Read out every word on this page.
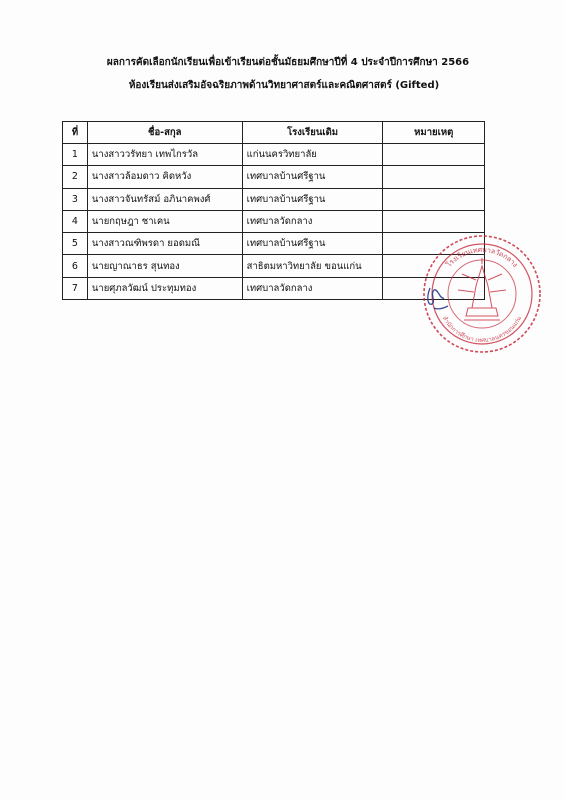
ผลการคัดเลือกนักเรียนเพื่อเข้าเรียนต่อชั้นมัธยมศึกษาปีที่ 4 ประจำปีการศึกษา 2566
ห้องเรียนส่งเสริมอัจฉริยภาพด้านวิทยาศาสตร์และคณิตศาสตร์ (Gifted)
ที่	ชื่อ-สกุล	โรงเรียนเดิม	หมายเหตุ
1	นางสาววรัทยา เทพไกรวัล	แก่นนครวิทยาลัย	
2	นางสาวล้อมดาว คิดหวัง	เทศบาลบ้านศรีฐาน	
3	นางสาวจันทรัสม์ อภินาคพงศ์	เทศบาลบ้านศรีฐาน	
4	นายกฤษฎา ชาเคน	เทศบาลวัดกลาง	
5	นางสาวณฑิพรดา ยอดมณี	เทศบาลบ้านศรีฐาน	
6	นายญาณาธร สุนทอง	สาธิตมหาวิทยาลัย ขอนแก่น	
7	นายศุภลวัฒน์ ประทุมทอง	เทศบาลวัดกลาง	
โรงเรียนเทศบาลวัดกลาง
สำนักการศึกษา เทศบาลนครขอนแก่น
